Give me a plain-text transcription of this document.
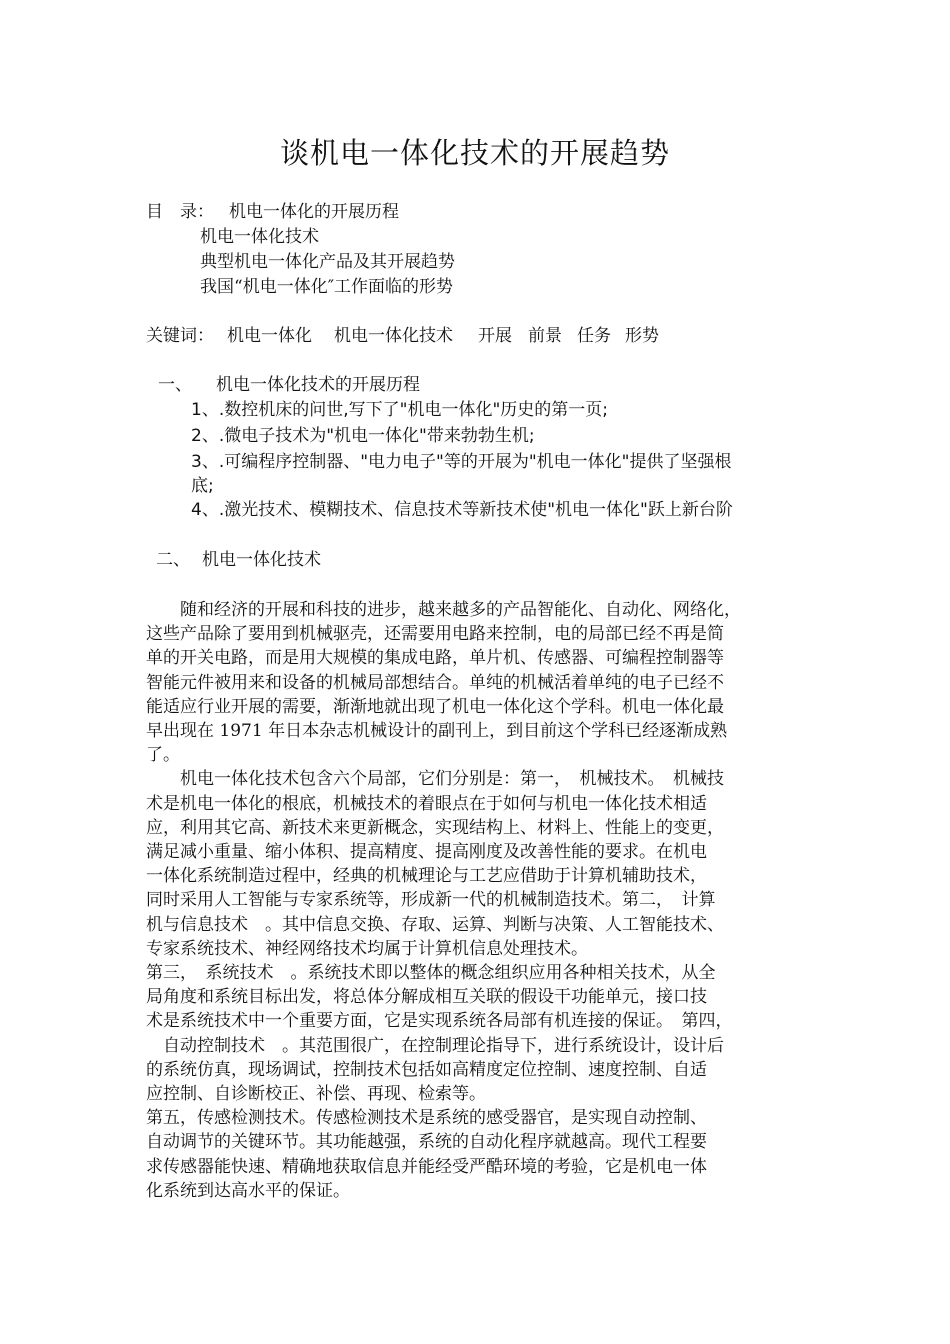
谈机电一体化技术的开展趋势
目　录： 机电一体化的开展历程
机电一体化技术
典型机电一体化产品及其开展趋势
我国“机电一体化″工作面临的形势
关键词： 机电一体化 机电一体化技术 开展 前景 任务 形势
一、 机电一体化技术的开展历程
1、.数控机床的问世,写下了"机电一体化"历史的第一页;
2、.微电子技术为"机电一体化"带来勃勃生机;
3、.可编程序控制器、"电力电子"等的开展为"机电一体化"提供了坚强根
底;
4、.激光技术、模糊技术、信息技术等新技术使"机电一体化"跃上新台阶
二、 机电一体化技术
　　随和经济的开展和科技的进步，越来越多的产品智能化、自动化、网络化，
这些产品除了要用到机械驱壳，还需要用电路来控制，电的局部已经不再是简
单的开关电路，而是用大规模的集成电路，单片机、传感器、可编程控制器等
智能元件被用来和设备的机械局部想结合。单纯的机械活着单纯的电子已经不
能适应行业开展的需要，渐渐地就出现了机电一体化这个学科。机电一体化最
早出现在 1971 年日本杂志机械设计的副刊上，到目前这个学科已经逐渐成熟
了。
　　机电一体化技术包含六个局部，它们分别是：第一，　机械技术。　机械技
术是机电一体化的根底，机械技术的着眼点在于如何与机电一体化技术相适
应，利用其它高、新技术来更新概念，实现结构上、材料上、性能上的变更，
满足减小重量、缩小体积、提高精度、提高刚度及改善性能的要求。在机电
一体化系统制造过程中，经典的机械理论与工艺应借助于计算机辅助技术，
同时采用人工智能与专家系统等，形成新一代的机械制造技术。第二，　计算
机与信息技术　。其中信息交换、存取、运算、判断与决策、人工智能技术、
专家系统技术、神经网络技术均属于计算机信息处理技术。
第三，　系统技术　。系统技术即以整体的概念组织应用各种相关技术，从全
局角度和系统目标出发，将总体分解成相互关联的假设干功能单元，接口技
术是系统技术中一个重要方面，它是实现系统各局部有机连接的保证。　第四，
　自动控制技术　。其范围很广，在控制理论指导下，进行系统设计，设计后
的系统仿真，现场调试，控制技术包括如高精度定位控制、速度控制、自适
应控制、自诊断校正、补偿、再现、检索等。
第五，传感检测技术。传感检测技术是系统的感受器官，是实现自动控制、
自动调节的关键环节。其功能越强，系统的自动化程序就越高。现代工程要
求传感器能快速、精确地获取信息并能经受严酷环境的考验，它是机电一体
化系统到达高水平的保证。
